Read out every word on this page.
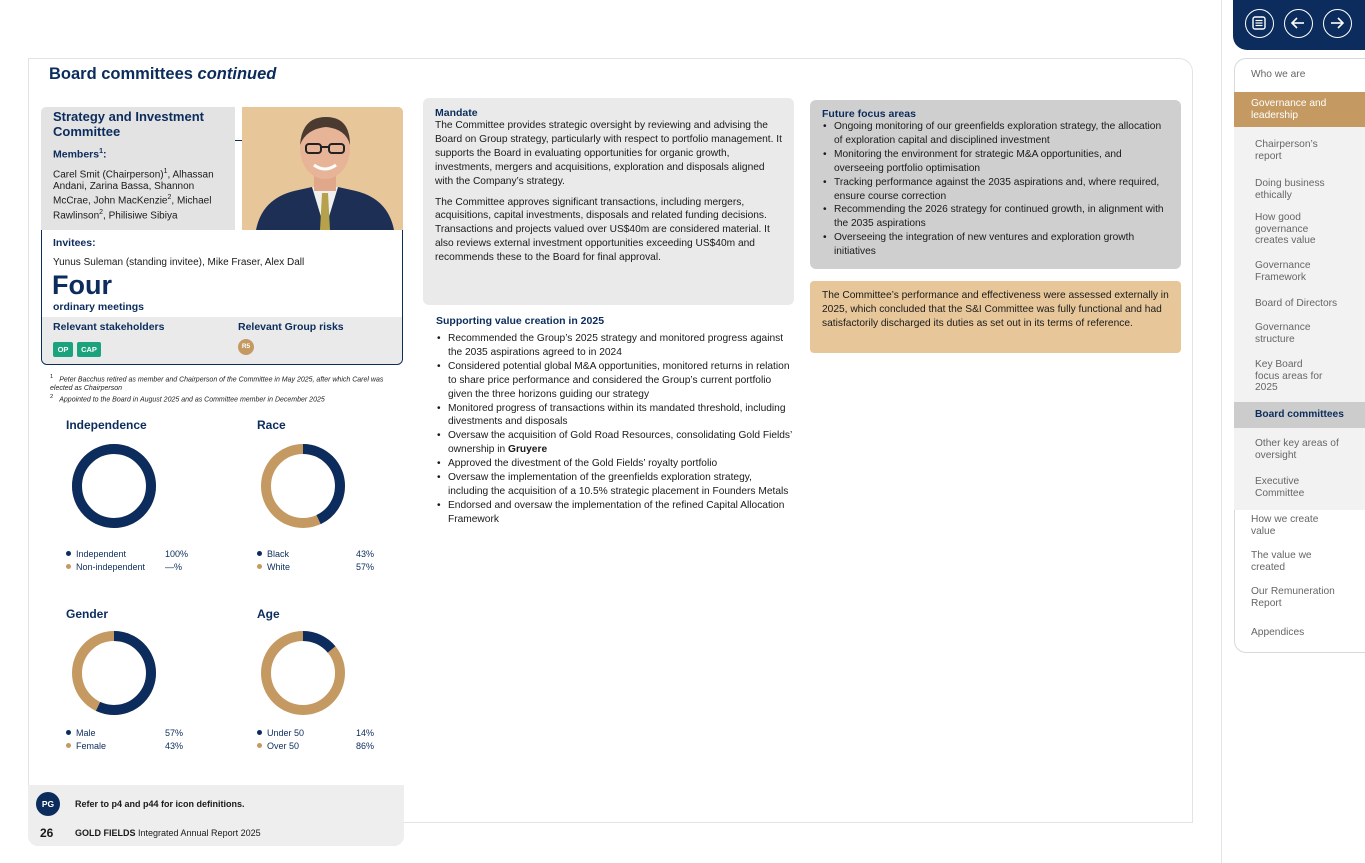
Board committees continued
Strategy and Investment Committee
Members$^1$:
Carel Smit (Chairperson)$^1$, Alhassan Andani, Zarina Bassa, Shannon McCrae, John MacKenzie$^2$, Michael Rawlinson$^2$, Philisiwe Sibiya
Invitees:
Yunus Suleman (standing invitee), Mike Fraser, Alex Dall
Four
ordinary meetings
Relevant stakeholders
OP	CAP
Relevant Group risks
R5
$^1$ Peter Bacchus retired as member and Chairperson of the Committee in May 2025, after which Carel was elected as Chairperson
$^2$ Appointed to the Board in August 2025 and as Committee member in December 2025
Independence
Independent	100%
Non-independent —%
Race
Black	43%
White	57%
Gender
Male	57%
Female	43%
Age
Under 50	14%
Over 50	86%
Mandate

The Committee provides strategic oversight by reviewing and advising the Board on Group strategy, particularly with respect to portfolio management. It supports the Board in evaluating opportunities for organic growth, investments, mergers and acquisitions, exploration and disposals aligned with the Company’s strategy.

The Committee approves significant transactions, including mergers, acquisitions, capital investments, disposals and related funding decisions. Transactions and projects valued over US$40m are considered material. It also reviews external investment opportunities exceeding US$40m and recommends these to the Board for final approval.

Supporting value creation in 2025
• Recommended the Group’s 2025 strategy and monitored progress against the 2035 aspirations agreed to in 2024
• Considered potential global M&A opportunities, monitored returns in relation to share price performance and considered the Group’s current portfolio given the three horizons guiding our strategy
• Monitored progress of transactions within its mandated threshold, including divestments and disposals
• Oversaw the acquisition of Gold Road Resources, consolidating Gold Fields’ ownership in Gruyere
• Approved the divestment of the Gold Fields’ royalty portfolio
• Oversaw the implementation of the greenfields exploration strategy, including the acquisition of a 10.5% strategic placement in Founders Metals
• Endorsed and oversaw the implementation of the refined Capital Allocation Framework
Future focus areas
• Ongoing monitoring of our greenfields exploration strategy, the allocation of exploration capital and disciplined investment
• Monitoring the environment for strategic M&A opportunities, and overseeing portfolio optimisation
• Tracking performance against the 2035 aspirations and, where required, ensure course correction
• Recommending the 2026 strategy for continued growth, in alignment with the 2035 aspirations
• Overseeing the integration of new ventures and exploration growth initiatives
The Committee’s performance and effectiveness were assessed externally in 2025, which concluded that the S&I Committee was fully functional and had satisfactorily discharged its duties as set out in its terms of reference.
PG	Refer to p4 and p44 for icon definitions.
26 GOLD FIELDS Integrated Annual Report 2025
Who we are
Governance and leadership
Chairperson’s report
Doing business ethically
How good governance creates value
Governance Framework
Board of Directors
Governance structure
Key Board focus areas for 2025
Board committees
Other key areas of oversight
Executive Committee
How we create value
The value we created
Our Remuneration Report
Appendices
